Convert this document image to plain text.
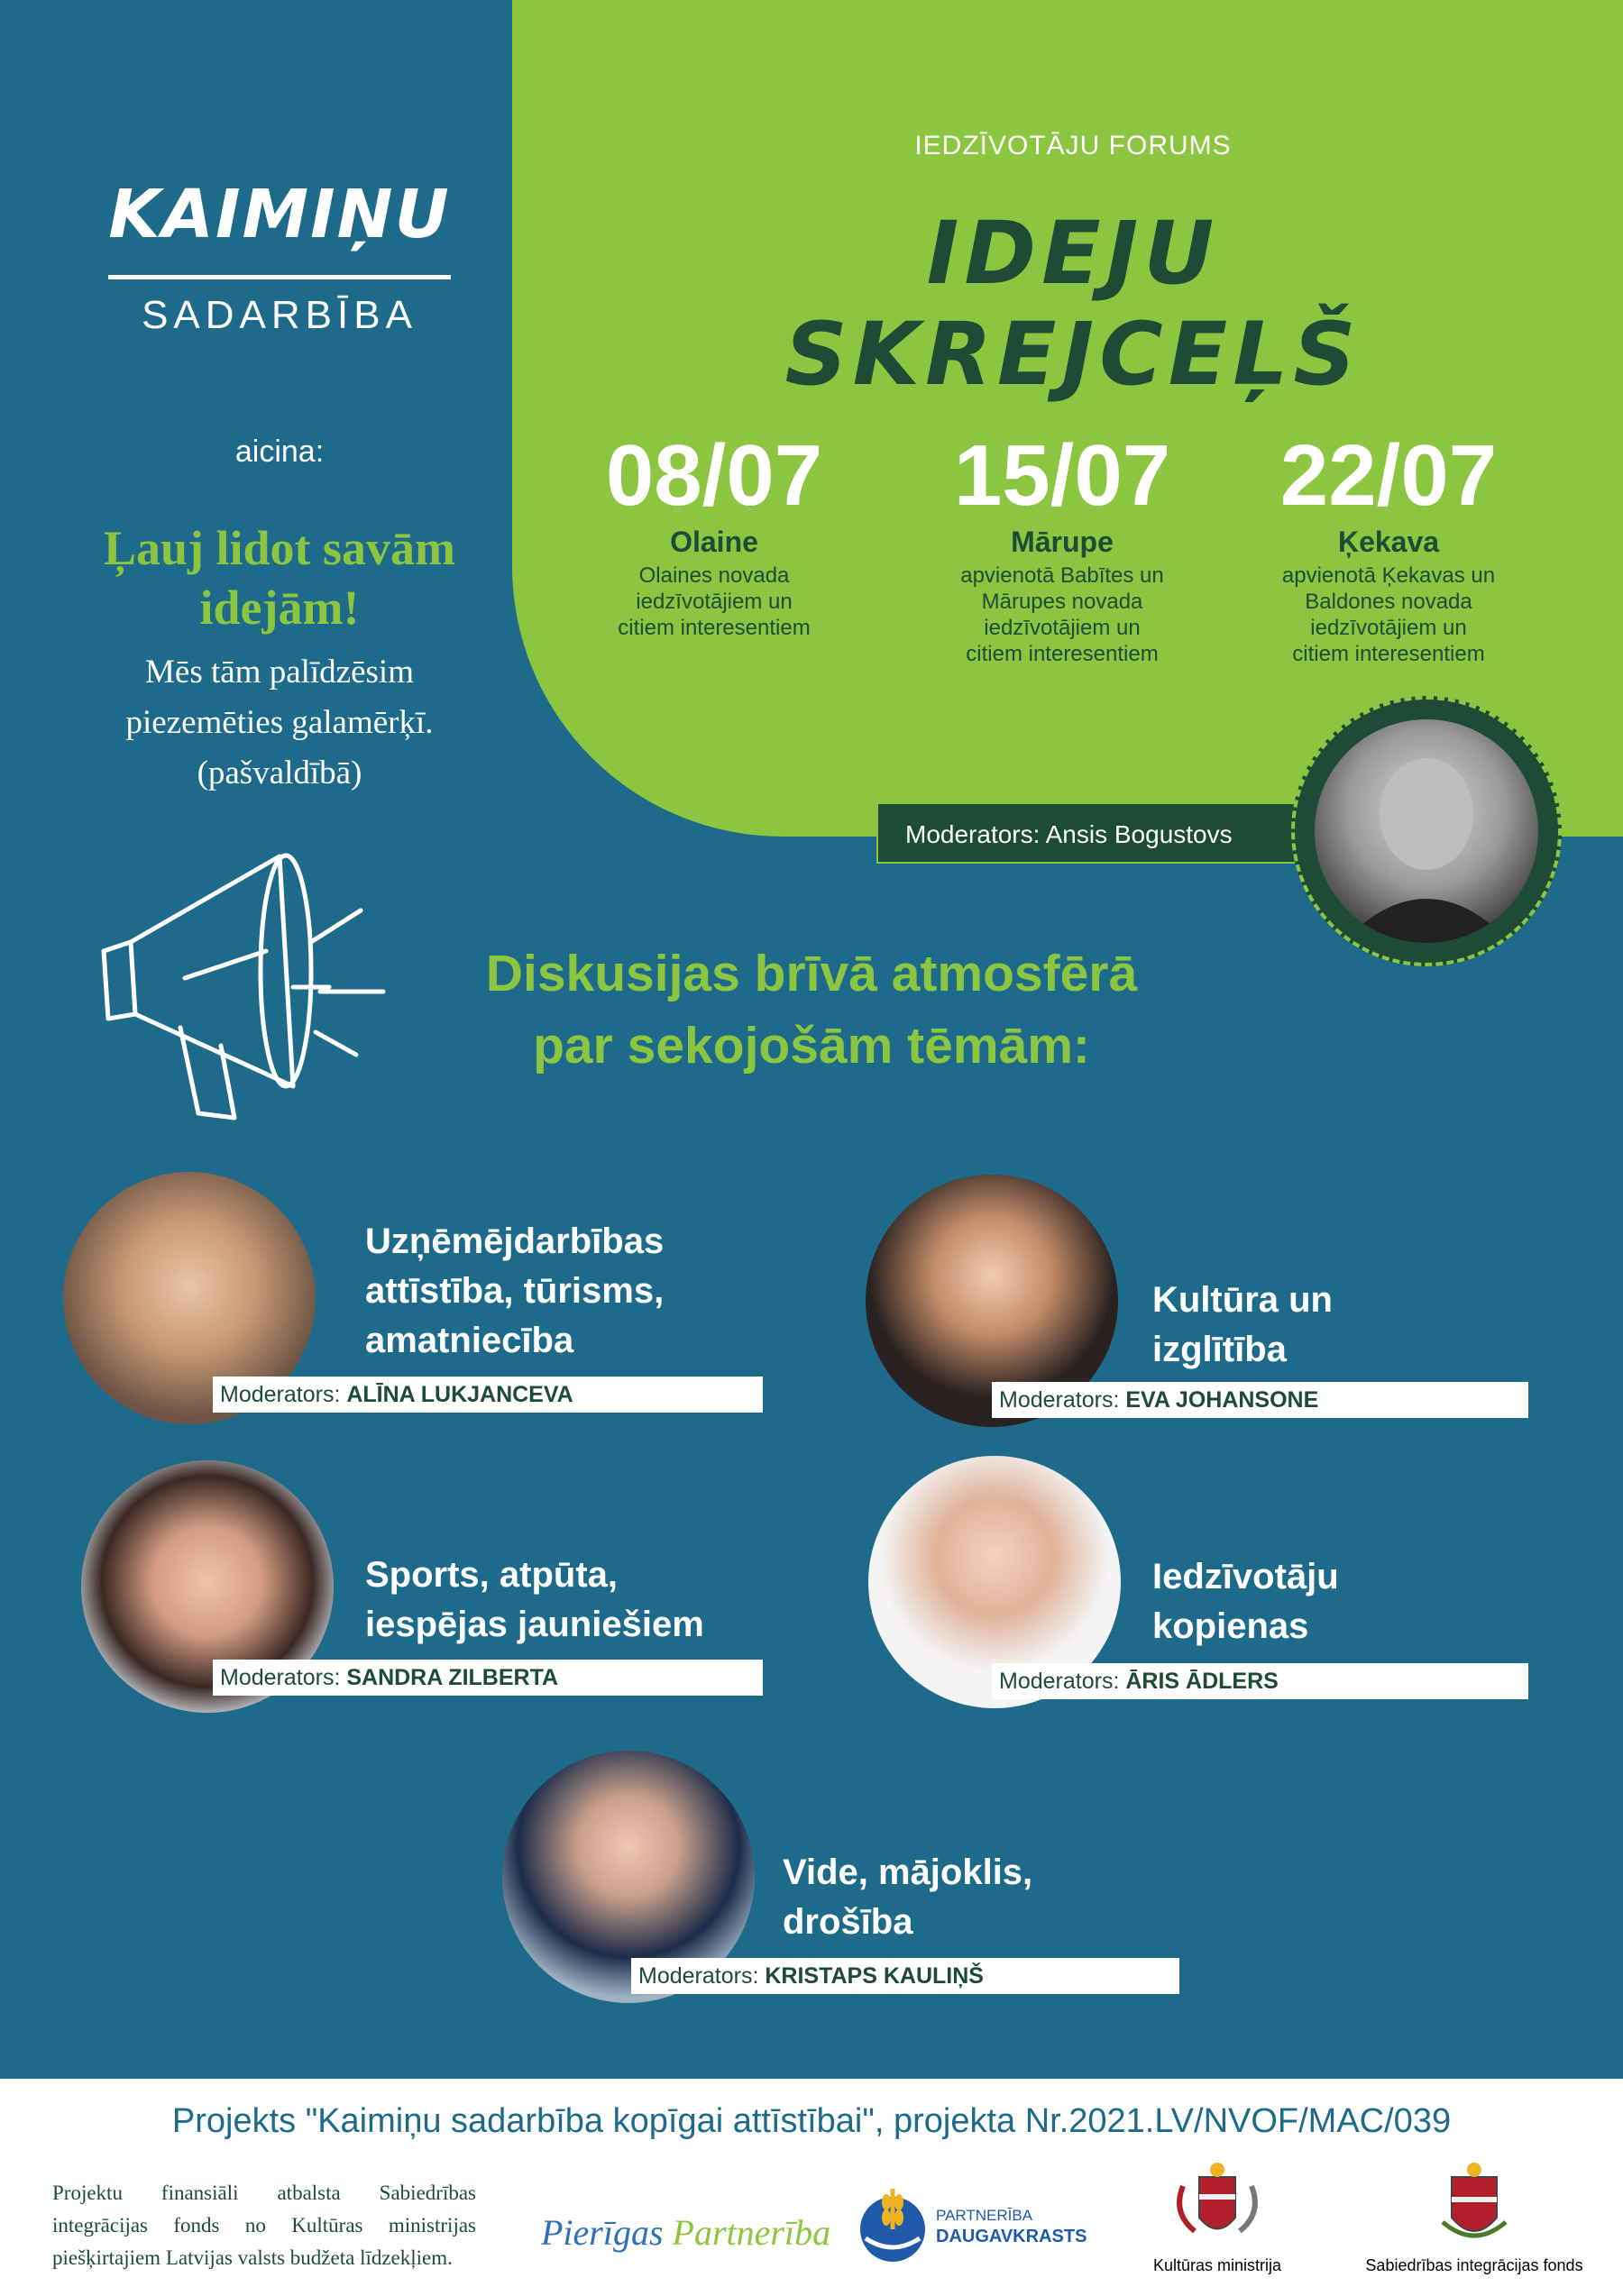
KAIMIŅU
SADARBĪBA
aicina:
Ļauj lidot savām
idejām!
Mēs tām palīdzēsim
piezemēties galamērķī.
(pašvaldībā)
IEDZĪVOTĀJU FORUMS
IDEJU SKREJCEĻŠ
08/07
Olaine
Olaines novada
iedzīvotājiem un
citiem interesentiem
15/07
Mārupe
apvienotā Babītes un
Mārupes novada
iedzīvotājiem un
citiem interesentiem
22/07
Ķekava
apvienotā Ķekavas un
Baldones novada
iedzīvotājiem un
citiem interesentiem
Moderators: Ansis Bogustovs
Diskusijas brīvā atmosfērā
par sekojošām tēmām:
Uzņēmējdarbības
attīstība, tūrisms,
amatniecība
Moderators: ALĪNA LUKJANCEVA
Kultūra un
izglītība
Moderators: EVA JOHANSONE
Sports, atpūta,
iespējas jauniešiem
Moderators: SANDRA ZILBERTA
Iedzīvotāju
kopienas
Moderators: ĀRIS ĀDLERS
Vide, mājoklis,
drošība
Moderators: KRISTAPS KAULIŅŠ
Projekts "Kaimiņu sadarbība kopīgai attīstībai", projekta Nr.2021.LV/NVOF/MAC/039
Projektu finansiāli atbalsta Sabiedrības
integrācijas fonds no Kultūras ministrijas
piešķirtajiem Latvijas valsts budžeta līdzekļiem.
Pierīgas Partnerība	PARTNERĪBA
DAUGAVKRASTS
Kultūras ministrija	Sabiedrības integrācijas fonds
